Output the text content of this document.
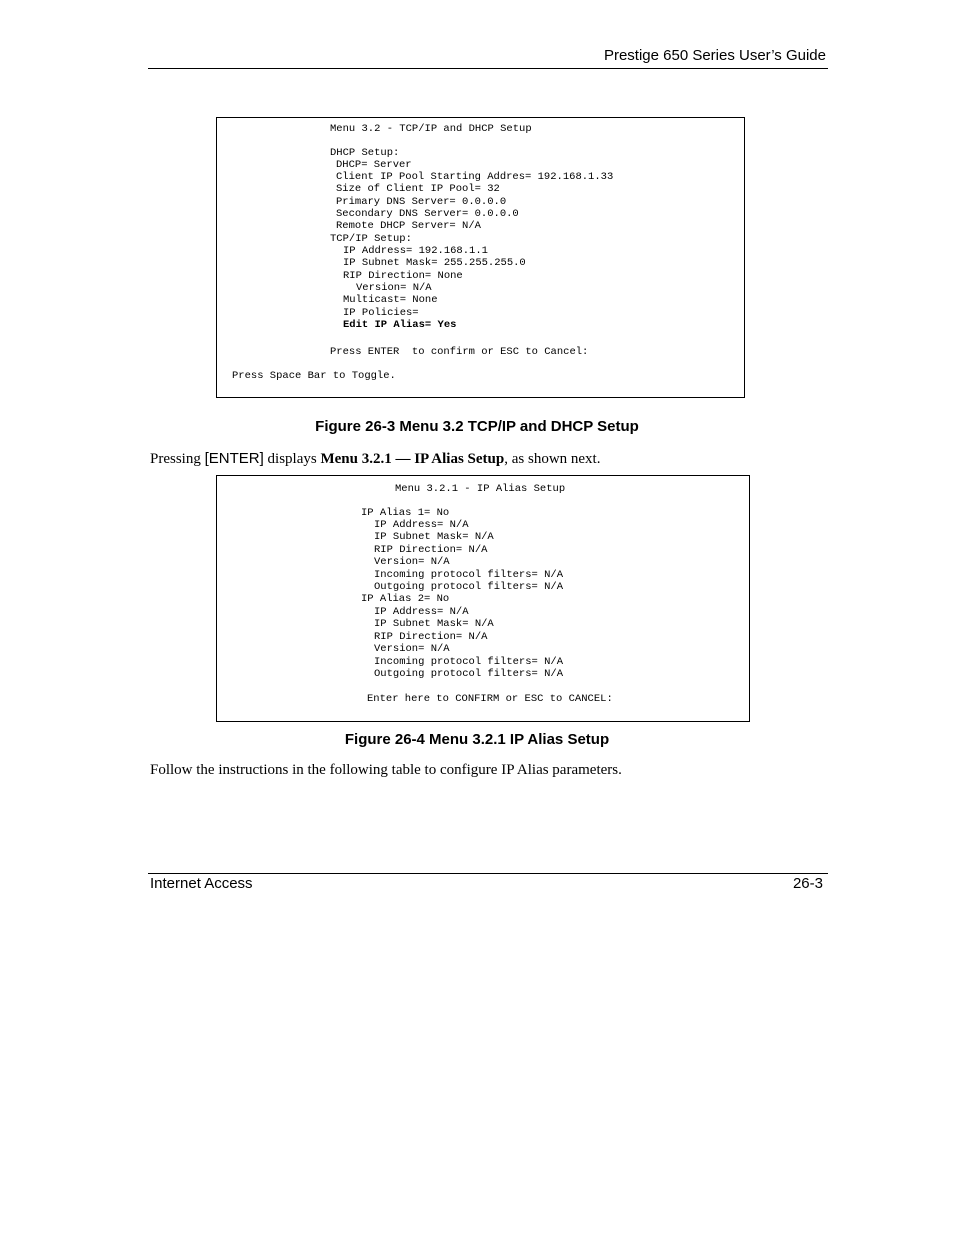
Prestige 650 Series User’s Guide
Menu 3.2 - TCP/IP and DHCP Setup
DHCP Setup:
DHCP= Server
Client IP Pool Starting Addres= 192.168.1.33
Size of Client IP Pool= 32
Primary DNS Server= 0.0.0.0
Secondary DNS Server= 0.0.0.0
Remote DHCP Server= N/A
TCP/IP Setup:
IP Address= 192.168.1.1
IP Subnet Mask= 255.255.255.0
RIP Direction= None
Version= N/A
Multicast= None
IP Policies=
Edit IP Alias= Yes
Press ENTER  to confirm or ESC to Cancel:
Press Space Bar to Toggle.
Figure 26-3 Menu 3.2 TCP/IP and DHCP Setup
Pressing [ENTER] displays Menu 3.2.1 — IP Alias Setup, as shown next.
Menu 3.2.1 - IP Alias Setup
IP Alias 1= No
IP Address= N/A
IP Subnet Mask= N/A
RIP Direction= N/A
Version= N/A
Incoming protocol filters= N/A
Outgoing protocol filters= N/A
IP Alias 2= No
IP Address= N/A
IP Subnet Mask= N/A
RIP Direction= N/A
Version= N/A
Incoming protocol filters= N/A
Outgoing protocol filters= N/A
Enter here to CONFIRM or ESC to CANCEL:
Figure 26-4 Menu 3.2.1 IP Alias Setup
Follow the instructions in the following table to configure IP Alias parameters.
Internet Access	26-3
